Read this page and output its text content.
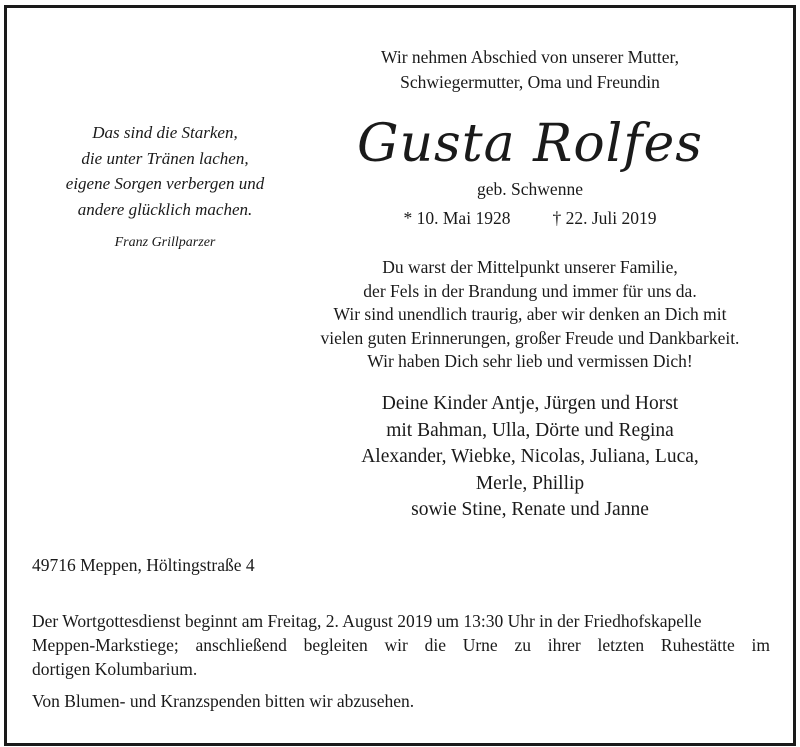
Wir nehmen Abschied von unserer Mutter,
Schwiegermutter, Oma und Freundin
Gusta Rolfes
geb. Schwenne
* 10. Mai 1928 † 22. Juli 2019
Das sind die Starken,
die unter Tränen lachen,
eigene Sorgen verbergen und
andere glücklich machen.
Franz Grillparzer
Du warst der Mittelpunkt unserer Familie,
der Fels in der Brandung und immer für uns da.
Wir sind unendlich traurig, aber wir denken an Dich mit
vielen guten Erinnerungen, großer Freude und Dankbarkeit.
Wir haben Dich sehr lieb und vermissen Dich!
Deine Kinder Antje, Jürgen und Horst
mit Bahman, Ulla, Dörte und Regina
Alexander, Wiebke, Nicolas, Juliana, Luca,
Merle, Phillip
sowie Stine, Renate und Janne
49716 Meppen, Höltingstraße 4
Der Wortgottesdienst beginnt am Freitag, 2. August 2019 um 13:30 Uhr in der Friedhofskapelle
Meppen-Markstiege; anschließend begleiten wir die Urne zu ihrer letzten Ruhestätte im
dortigen Kolumbarium.
Von Blumen- und Kranzspenden bitten wir abzusehen.
